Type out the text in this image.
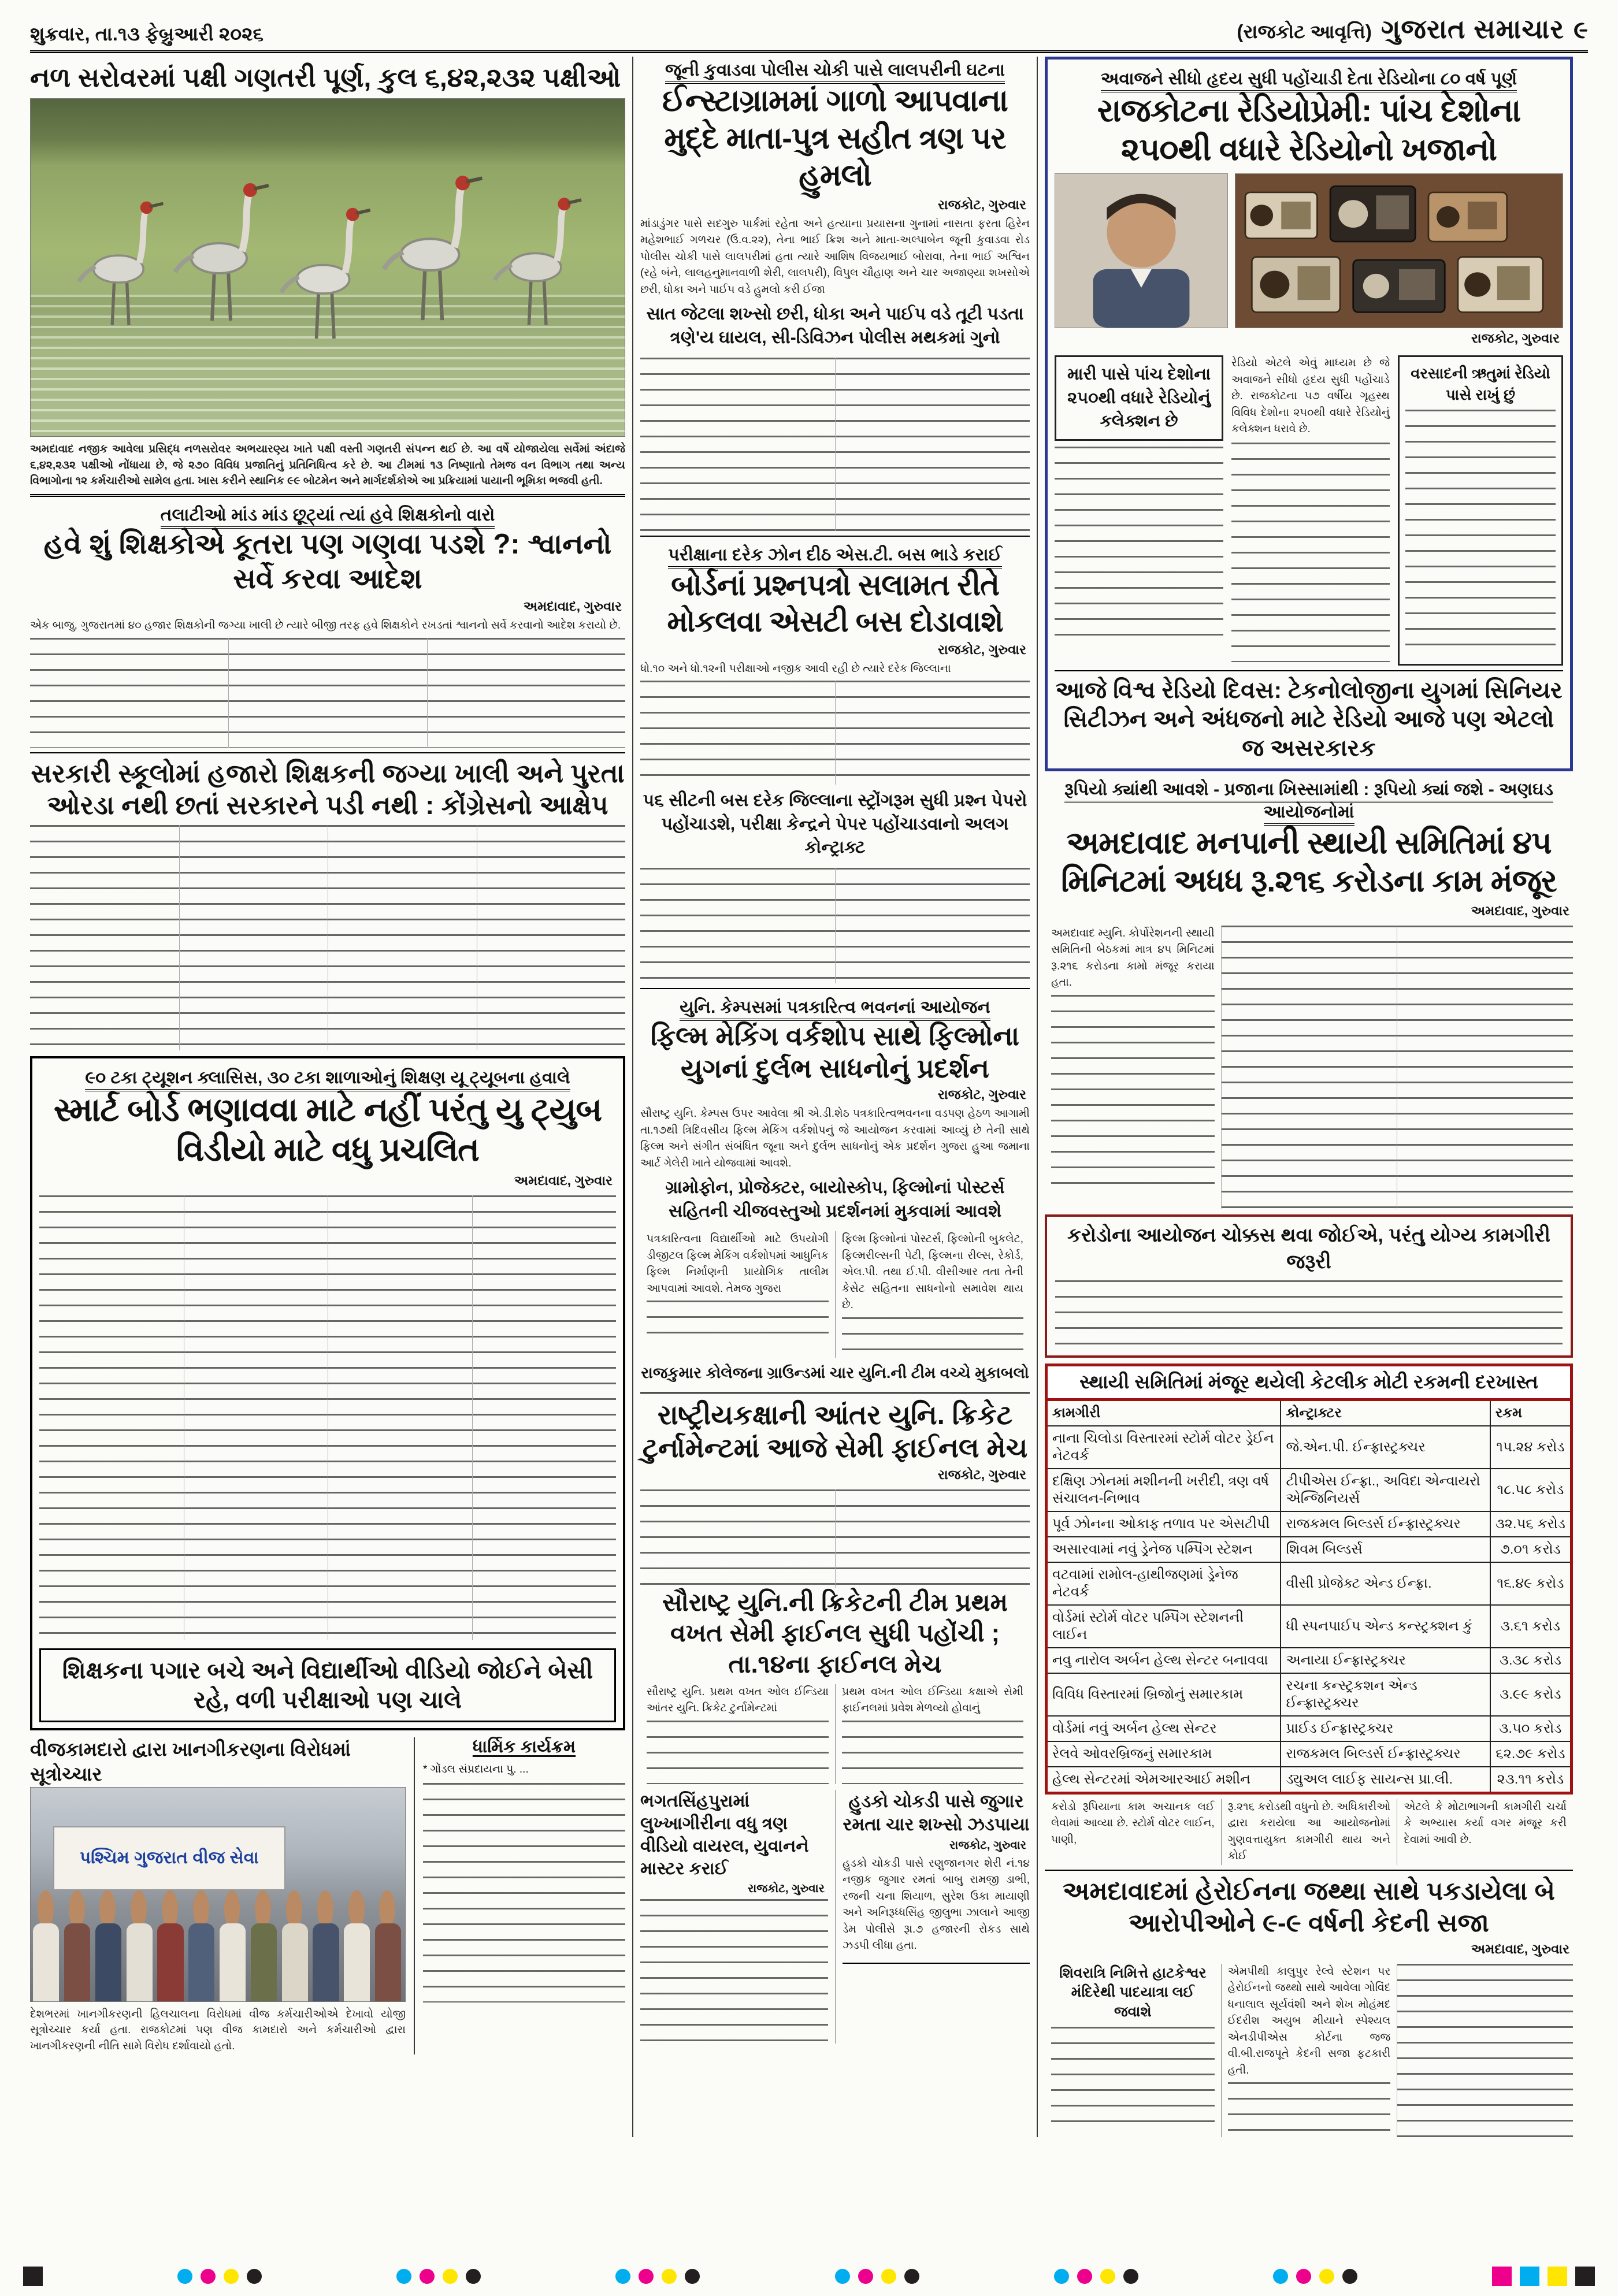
શુક્રવાર, તા.૧૩ ફેબ્રુઆરી ૨૦૨૬	(રાજકોટ આવૃત્તિ) ગુજરાત સમાચાર ૯
નળ સરોવરમાં પક્ષી ગણતરી પૂર્ણ, કુલ ૬,૪૨,૨૩૨ પક્ષીઓ
અમદાવાદ નજીક આવેલા પ્રસિદ્ધ નળસરોવર અભયારણ્ય ખાતે પક્ષી વસ્તી ગણતરી સંપન્ન થઈ છે. આ વર્ષે યોજાયેલા સર્વેમાં અંદાજે ૬,૪૨,૨૩૨ પક્ષીઓ નોંધાયા છે, જે ૨૭૦ વિવિધ પ્રજાતિનું પ્રતિનિધિત્વ કરે છે. આ ટીમમાં ૧૩ નિષ્ણાતો તેમજ વન વિભાગ તથા અન્ય વિભાગોના ૧૨ કર્મચારીઓ સામેલ હતા. ખાસ કરીને સ્થાનિક ૯૯ બોટમેન અને માર્ગદર્શકોએ આ પ્રક્રિયામાં પાયાની ભૂમિકા ભજવી હતી.
તલાટીઓ માંડ માંડ છૂટ્યાં ત્યાં હવે શિક્ષકોનો વારો
હવે શું શિક્ષકોએ કૂતરા પણ ગણવા પડશે ?: શ્વાનનો સર્વે કરવા આદેશ
અમદાવાદ, ગુરુવાર
એક બાજુ, ગુજરાતમાં ૪૦ હજાર શિક્ષકોની જગ્યા ખાલી છે ત્યારે બીજી તરફ હવે શિક્ષકોને રખડતાં શ્વાનનો સર્વે કરવાનો આદેશ કરાયો છે.
સરકારી સ્કૂલોમાં હજારો શિક્ષકની જગ્યા ખાલી અને પુરતા ઓરડા નથી છતાં સરકારને પડી નથી : કોંગ્રેસનો આક્ષેપ
૯૦ ટકા ટ્યૂશન ક્લાસિસ, ૩૦ ટકા શાળાઓનું શિક્ષણ યૂ ટ્યૂબના હવાલે
સ્માર્ટ બોર્ડ ભણાવવા માટે નહીં પરંતુ યુ ટ્યુબ વિડીયો માટે વધુ પ્રચલિત
અમદાવાદ, ગુરુવાર
શિક્ષકના પગાર બચે અને વિદ્યાર્થીઓ વીડિયો જોઈને બેસી રહે, વળી પરીક્ષાઓ પણ ચાલે
વીજકામદારો દ્વારા ખાનગીકરણના વિરોધમાં સૂત્રોચ્ચાર
પશ્ચિમ ગુજરાત વીજ સેવા
દેશભરમાં ખાનગીકરણની હિલચાલના વિરોધમાં વીજ કર્મચારીઓએ દેખાવો યોજી સૂત્રોચ્ચાર કર્યા હતા. રાજકોટમાં પણ વીજ કામદારો અને કર્મચારીઓ દ્વારા ખાનગીકરણની નીતિ સામે વિરોધ દર્શાવાયો હતો.
ધાર્મિક કાર્યક્રમ
* ગોંડલ સંપ્રદાયના પુ. ...
જૂની કુવાડવા પોલીસ ચોકી પાસે લાલપરીની ઘટના
ઈન્સ્ટાગ્રામમાં ગાળો આપવાના મુદ્દે માતા-પુત્ર સહીત ત્રણ પર હુમલો
રાજકોટ, ગુરુવાર
માંડાડુંગર પાસે સદગુરુ પાર્કમાં રહેતા અને હત્યાના પ્રયાસના ગુનામાં નાસતા ફરતા હિરેન મહેશભાઈ ગળચર (ઉ.વ.૨૨), તેના ભાઈ ક્રિશ અને માતા-અલ્પાબેન જૂની કુવાડવા રોડ પોલીસ ચોકી પાસે લાલપરીમાં હતા ત્યારે આશિષ વિજયભાઈ બોરાવા, તેના ભાઈ અશ્વિન (રહે બંને, લાલહનુમાનવાળી શેરી, લાલપરી), વિપુલ ચૌહાણ અને ચાર અજાણ્યા શખસોએ છરી, ધોકા અને પાઈપ વડે હુમલો કરી ઈજા
સાત જેટલા શખ્સો છરી, ધોકા અને પાઈપ વડે તૂટી પડતા ત્રણે'ય ઘાયલ, સી-ડિવિઝન પોલીસ મથકમાં ગુનો
પરીક્ષાના દરેક ઝોન દીઠ એસ.ટી. બસ ભાડે કરાઈ
બોર્ડનાં પ્રશ્નપત્રો સલામત રીતે મોકલવા એસટી બસ દોડાવાશે
રાજકોટ, ગુરુવાર
ધો.૧૦ અને ધો.૧૨ની પરીક્ષાઓ નજીક આવી રહી છે ત્યારે દરેક જિલ્લાના
પ૬ સીટની બસ દરેક જિલ્લાના સ્ટ્રોંગરૂમ સુધી પ્રશ્ન પેપરો પહોંચાડશે, પરીક્ષા કેન્દ્રને પેપર પહોંચાડવાનો અલગ કોન્ટ્રાક્ટ
યુનિ. કેમ્પસમાં પત્રકારિત્વ ભવનનાં આયોજન
ફિલ્મ મેકિંગ વર્કશોપ સાથે ફિલ્મોના યુગનાં દુર્લભ સાધનોનું પ્રદર્શન
રાજકોટ, ગુરુવાર
સૌરાષ્ટ્ર યુનિ. કેમ્પસ ઉપર આવેલા શ્રી એ.ડી.શેઠ પત્રકારિત્વભવનના વડપણ હેઠળ આગામી તા.૧૭થી ત્રિદિવસીય ફિલ્મ મેકિંગ વર્કશોપનું જે આયોજન કરવામાં આવ્યું છે તેની સાથે ફિલ્મ અને સંગીત સંબંધિત જૂના અને દુર્લભ સાધનોનું એક પ્રદર્શન ગુજરા હુઆ જમાના આર્ટ ગેલેરી ખાતે યોજવામાં આવશે.
ગ્રામોફોન, પ્રોજેક્ટર, બાયોસ્કોપ, ફિલ્મોનાં પોસ્ટર્સ સહિતની ચીજવસ્તુઓ પ્રદર્શનમાં મુકવામાં આવશે
પત્રકારિત્વના વિદ્યાર્થીઓ માટે ઉપયોગી ડીજીટલ ફિલ્મ મેકિંગ વર્કશોપમાં આધુનિક ફિલ્મ નિર્માણની પ્રાયોગિક તાલીમ આપવામાં આવશે. તેમજ ગુજરા
ફિલ્મ ફિલ્મોનાં પોસ્ટર્સ, ફિલ્મોની બુકલેટ, ફિલ્મરીલ્સની પેટી, ફિલ્મના રીલ્સ, રેકોર્ડ, એલ.પી. તથા ઈ.પી. વીસીઆર તતા તેની કેસેટ સહિતના સાધનોનો સમાવેશ થાય છે.
રાજકુમાર કોલેજના ગ્રાઉન્ડમાં ચાર યુનિ.ની ટીમ વચ્ચે મુકાબલો
રાષ્ટ્રીયકક્ષાની આંતર યુનિ. ક્રિકેટ ટુર્નામેન્ટમાં આજે સેમી ફાઈનલ મેચ
રાજકોટ, ગુરુવાર
સૌરાષ્ટ્ર યુનિ.ની ક્રિકેટની ટીમ પ્રથમ વખત સેમી ફાઈનલ સુધી પહોંચી ; તા.૧૪ના ફાઈનલ મેચ
સૌરાષ્ટ્ર યુનિ. પ્રથમ વખત ઓલ ઈન્ડિયા આંતર યુનિ. ક્રિકેટ ટુર્નામેન્ટમાં
પ્રથમ વખત ઓલ ઈન્ડિયા કક્ષાએ સેમી ફાઈનલમાં પ્રવેશ મેળવ્યો હોવાનું
ભગતસિંહપુરામાં લુખ્ખાગીરીના વધુ ત્રણ વીડિયો વાયરલ, યુવાનને માસ્ટર કરાઈ
રાજકોટ, ગુરુવાર
હુડકો ચોકડી પાસે જુગાર રમતા ચાર શખ્સો ઝડપાયા
રાજકોટ, ગુરુવાર
હુડકો ચોકડી પાસે રણુજાનગર શેરી નં.૧૪ નજીક જુગાર રમતાં બાબુ રામજી ડાભી, રજની ચના શિયાળ, સુરેશ ઉકા માયાણી અને અનિરૂધ્ધસિંહ જીલુભા ઝાલાને આજી ડેમ પોલીસે રૂા.૭ હજારની રોકડ સાથે ઝડપી લીધા હતા.
અવાજને સીધો હૃદય સુધી પહોંચાડી દેતા રેડિયોના ૮૦ વર્ષ પૂર્ણ
રાજકોટના રેડિયોપ્રેમી: પાંચ દેશોના ૨૫૦થી વધારે રેડિયોનો ખજાનો
રાજકોટ, ગુરુવાર
મારી પાસે પાંચ દેશોના ૨૫૦થી વધારે રેડિયોનું કલેક્શન છે
રેડિયો એટલે એવું માધ્યમ છે જે અવાજને સીધો હૃદય સુધી પહોંચાડે છે. રાજકોટના ૫૭ વર્ષીય ગૃહસ્થ વિવિધ દેશોના ૨૫૦થી વધારે રેડિયોનું કલેક્શન ધરાવે છે.
વરસાદની ઋતુમાં રેડિયો પાસે રાખું છું
આજે વિશ્વ રેડિયો દિવસ: ટેકનોલોજીના યુગમાં સિનિયર સિટીઝન અને અંધજનો માટે રેડિયો આજે પણ એટલો જ અસરકારક
રૂપિયો ક્યાંથી આવશે - પ્રજાના ખિસ્સામાંથી : રૂપિયો ક્યાં જશે - અણઘડ આયોજનોમાં
અમદાવાદ મનપાની સ્થાયી સમિતિમાં ૪૫ મિનિટમાં અધધ રૂ.૨૧૬ કરોડના કામ મંજૂર
અમદાવાદ, ગુરુવાર
અમદાવાદ મ્યુનિ. કોર્પોરેશનની સ્થાયી સમિતિની બેઠકમાં માત્ર ૪૫ મિનિટમાં રૂ.૨૧૬ કરોડના કામો મંજૂર કરાયા હતા.
કરોડોના આયોજન ચોક્કસ થવા જોઈએ, પરંતુ યોગ્ય કામગીરી જરૂરી
સ્થાયી સમિતિમાં મંજૂર થયેલી કેટલીક મોટી રકમની દરખાસ્ત
કામગીરી	કોન્ટ્રાક્ટર	રકમ
નાના ચિલોડા વિસ્તારમાં સ્ટોર્મ વોટર ડ્રેઈન નેટવર્ક	જે.એન.પી. ઈન્ફ્રાસ્ટ્રક્ચર	૧૫.૨૪ કરોડ
દક્ષિણ ઝોનમાં મશીનની ખરીદી, ત્રણ વર્ષ સંચાલન-નિભાવ	ટીપીએસ ઈન્ફ્રા., અવિદા એન્વાયરો એન્જિનિયર્સ	૧૮.૫૮ કરોડ
પૂર્વ ઝોનના ઓકાફ તળાવ પર એસટીપી	રાજકમલ બિલ્ડર્સ ઈન્ફ્રાસ્ટ્રક્ચર	૩૨.૫૬ કરોડ
અસારવામાં નવું ડ્રેનેજ પમ્પિંગ સ્ટેશન	શિવમ બિલ્ડર્સ	૭.૦૧ કરોડ
વટવામાં રામોલ-હાથીજણમાં ડ્રેનેજ નેટવર્ક	વીસી પ્રોજેક્ટ એન્ડ ઈન્ફ્રા.	૧૬.૪૯ કરોડ
વોર્ડમાં સ્ટોર્મ વોટર પમ્પિંગ સ્ટેશનની લાઈન	ધી સ્પનપાઈપ એન્ડ કન્સ્ટ્રક્શન કું	૩.૬૧ કરોડ
નવુ નારોલ અર્બન હેલ્થ સેન્ટર બનાવવા	અનાયા ઈન્ફ્રાસ્ટ્રક્ચર	૩.૩૮ કરોડ
વિવિધ વિસ્તારમાં બ્રિજોનું સમારકામ	રચના કન્સ્ટ્રકશન એન્ડ ઈન્ફ્રાસ્ટ્રક્ચર	૩.૯૯ કરોડ
વોર્ડમાં નવું અર્બન હેલ્થ સેન્ટર	પ્રાઈડ ઈન્ફ્રાસ્ટ્રક્ચર	૩.૫૦ કરોડ
રેલવે ઓવરબ્રિજનું સમારકામ	રાજકમલ બિલ્ડર્સ ઈન્ફ્રાસ્ટ્રક્ચર	૬૨.૭૯ કરોડ
હેલ્થ સેન્ટરમાં એમઆરઆઈ મશીન	ડ્યુઅલ લાઈફ સાયન્સ પ્રા.લી.	૨૩.૧૧ કરોડ
કરોડો રૂપિયાના કામ અચાનક લઈ લેવામાં આવ્યા છે. સ્ટોર્મ વોટર લાઈન, પાણી,
રૂ.૨૧૬ કરોડથી વધુનો છે. અધિકારીઓ દ્વારા કરાયેલા આ આયોજનોમાં ગુણવત્તાયુક્ત કામગીરી થાય અને કોઈ
એટલે કે મોટાભાગની કામગીરી ચર્ચા કે અભ્યાસ કર્યા વગર મંજૂર કરી દેવામાં આવી છે.
અમદાવાદમાં હેરોઈનના જથ્થા સાથે પકડાયેલા બે આરોપીઓને ૯-૯ વર્ષની કેદની સજા
અમદાવાદ, ગુરુવાર
શિવરાત્રિ નિમિત્તે હાટકેશ્વર મંદિરેથી પાદયાત્રા લઈ જવાશે
એમપીથી કાલુપુર રેલ્વે સ્ટેશન પર હેરોઈનનો જથ્થો સાથે આવેલા ગોવિંદ ધનાલાલ સૂર્યવંશી અને શેખ મોહંમદ ઈદરીશ અયુબ મીયાને સ્પેશ્યલ એનડીપીએસ કોર્ટના જજ વી.બી.રાજપૂતે કેદની સજા ફટકારી હતી.
